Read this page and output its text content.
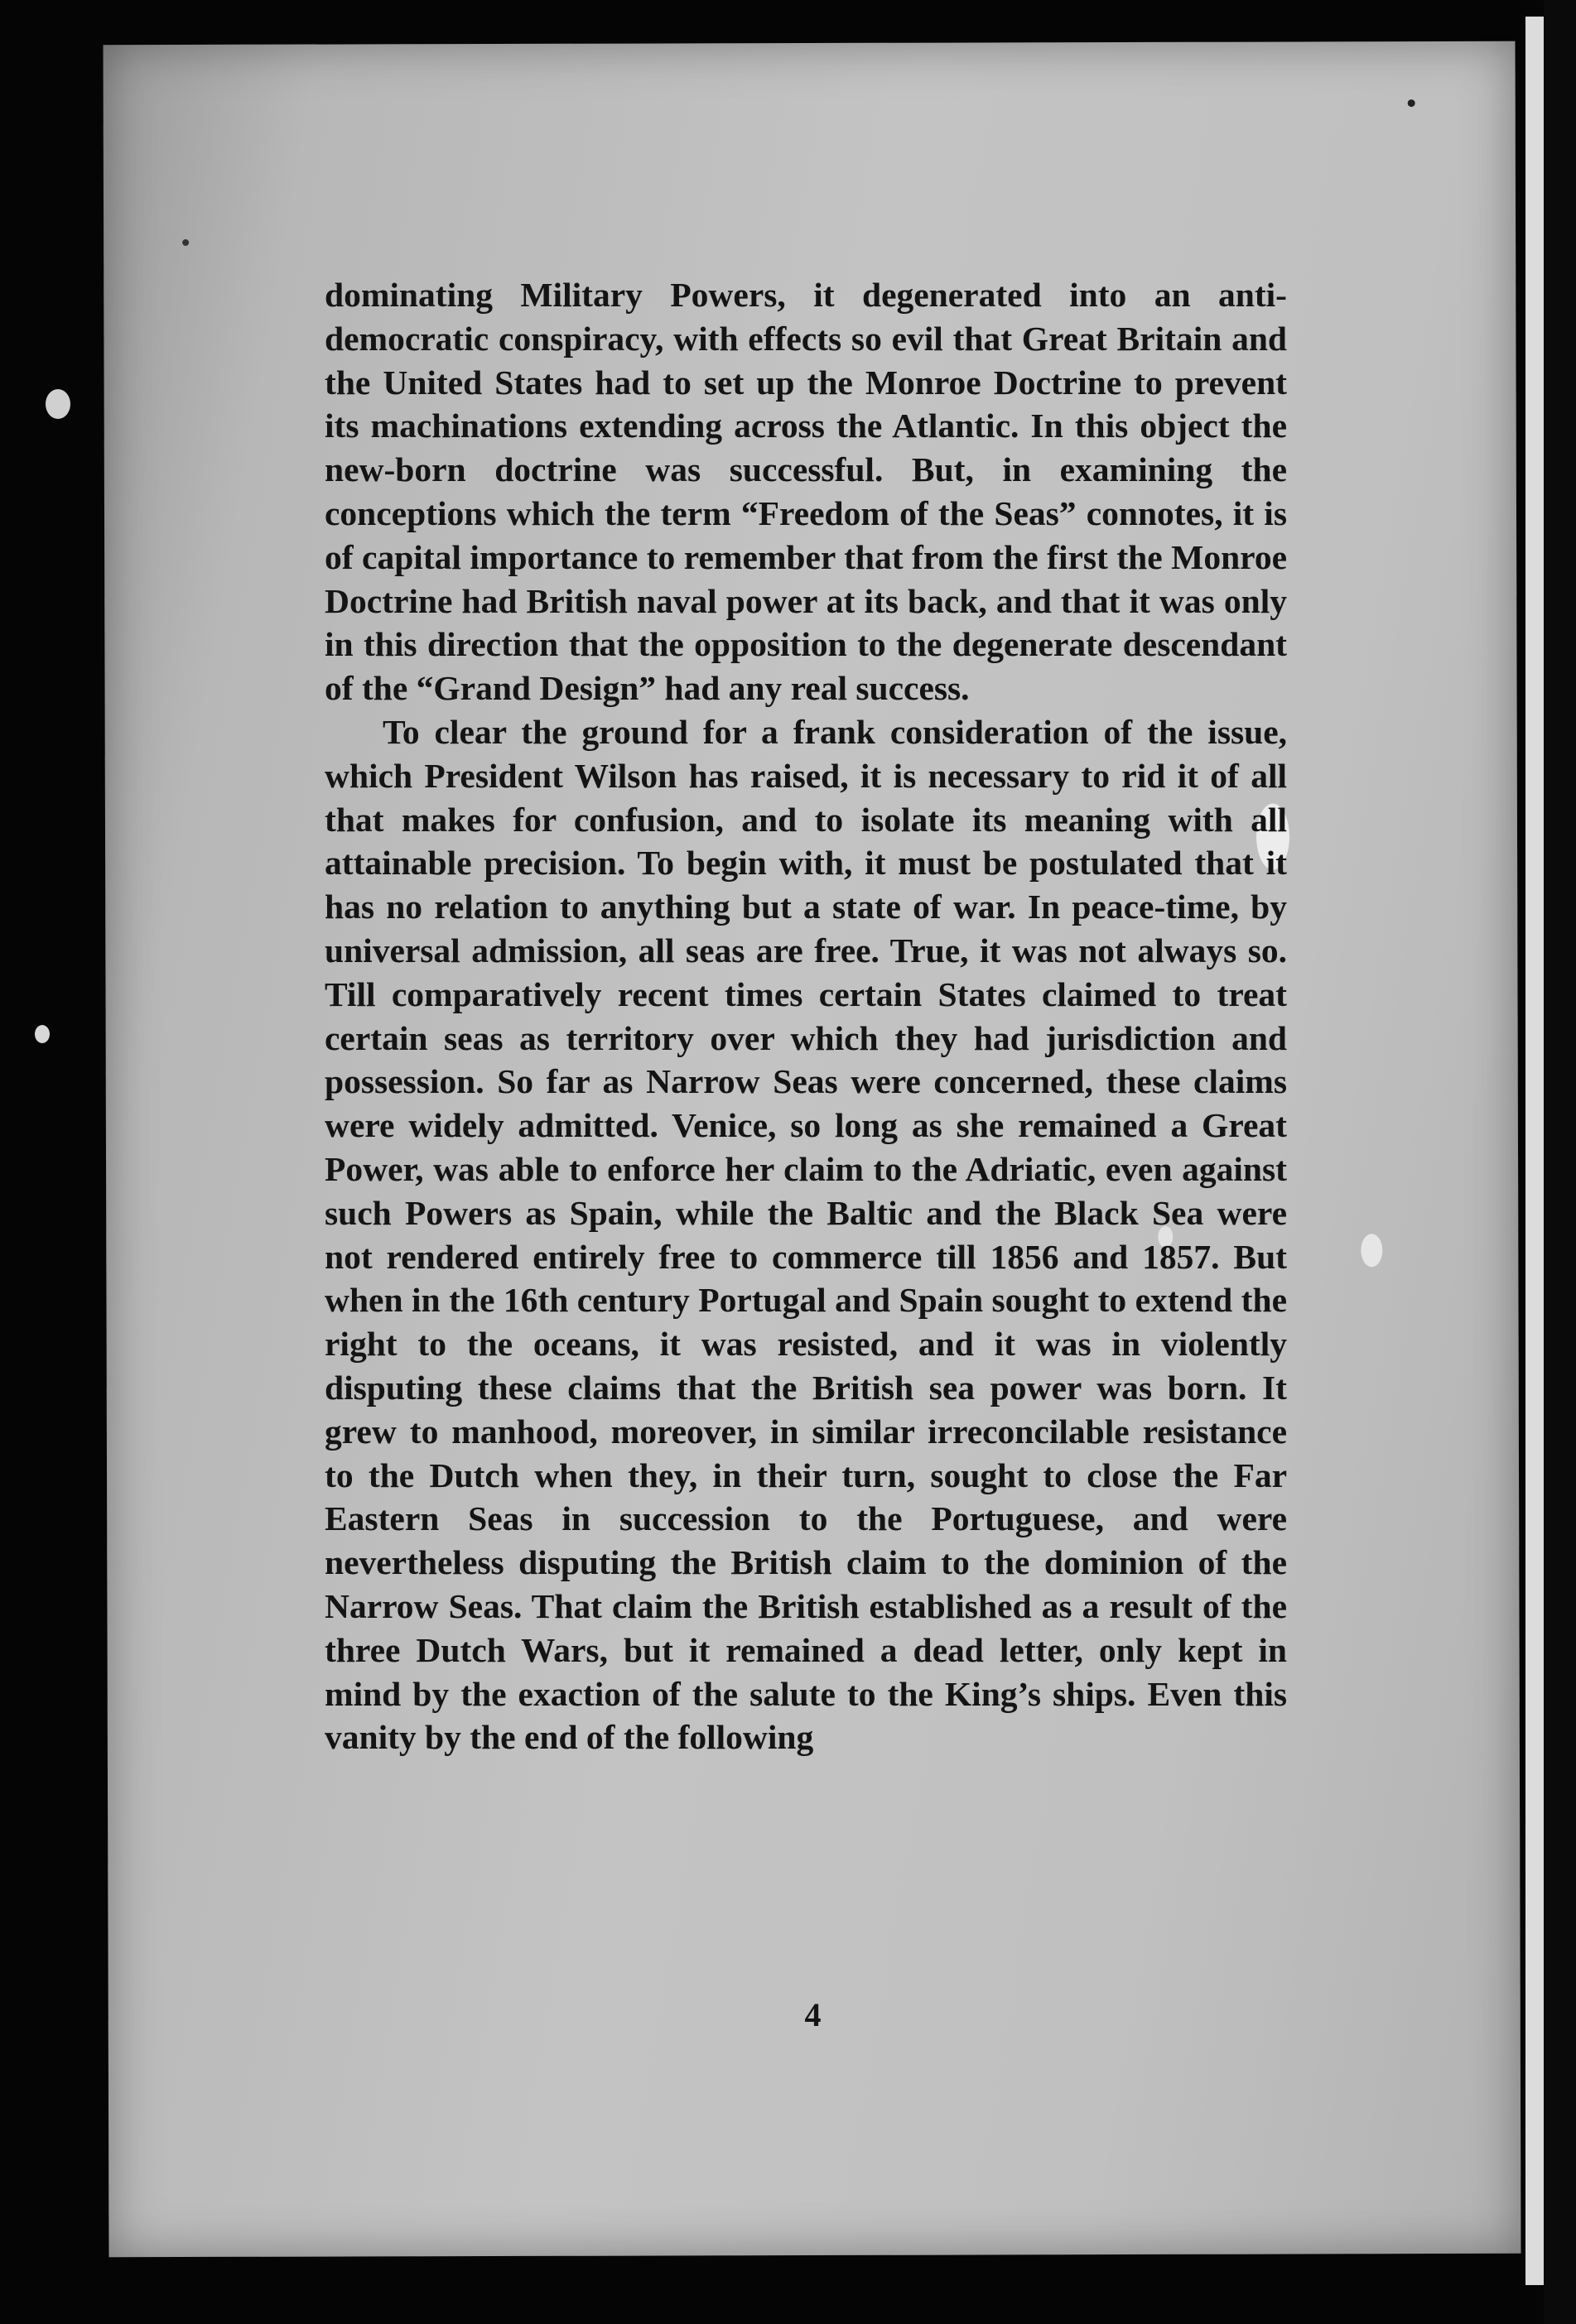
dominating Military Powers, it degenerated into an anti-democratic conspiracy, with effects so evil that Great Britain and the United States had to set up the Monroe Doctrine to prevent its machinations extending across the Atlantic. In this object the new-born doctrine was successful. But, in examining the conceptions which the term “Freedom of the Seas” connotes, it is of capital importance to remember that from the first the Monroe Doctrine had British naval power at its back, and that it was only in this direction that the opposition to the degenerate descendant of the “Grand Design” had any real success.

To clear the ground for a frank consideration of the issue, which President Wilson has raised, it is necessary to rid it of all that makes for confusion, and to isolate its meaning with all attainable precision. To begin with, it must be postulated that it has no relation to anything but a state of war. In peace-time, by universal admission, all seas are free. True, it was not always so. Till comparatively recent times certain States claimed to treat certain seas as territory over which they had jurisdiction and possession. So far as Narrow Seas were concerned, these claims were widely admitted. Venice, so long as she remained a Great Power, was able to enforce her claim to the Adriatic, even against such Powers as Spain, while the Baltic and the Black Sea were not rendered entirely free to commerce till 1856 and 1857. But when in the 16th century Portugal and Spain sought to extend the right to the oceans, it was resisted, and it was in violently disputing these claims that the British sea power was born. It grew to manhood, moreover, in similar irreconcilable resistance to the Dutch when they, in their turn, sought to close the Far Eastern Seas in succession to the Portuguese, and were nevertheless disputing the British claim to the dominion of the Narrow Seas. That claim the British established as a result of the three Dutch Wars, but it remained a dead letter, only kept in mind by the exaction of the salute to the King’s ships. Even this vanity by the end of the following

4
